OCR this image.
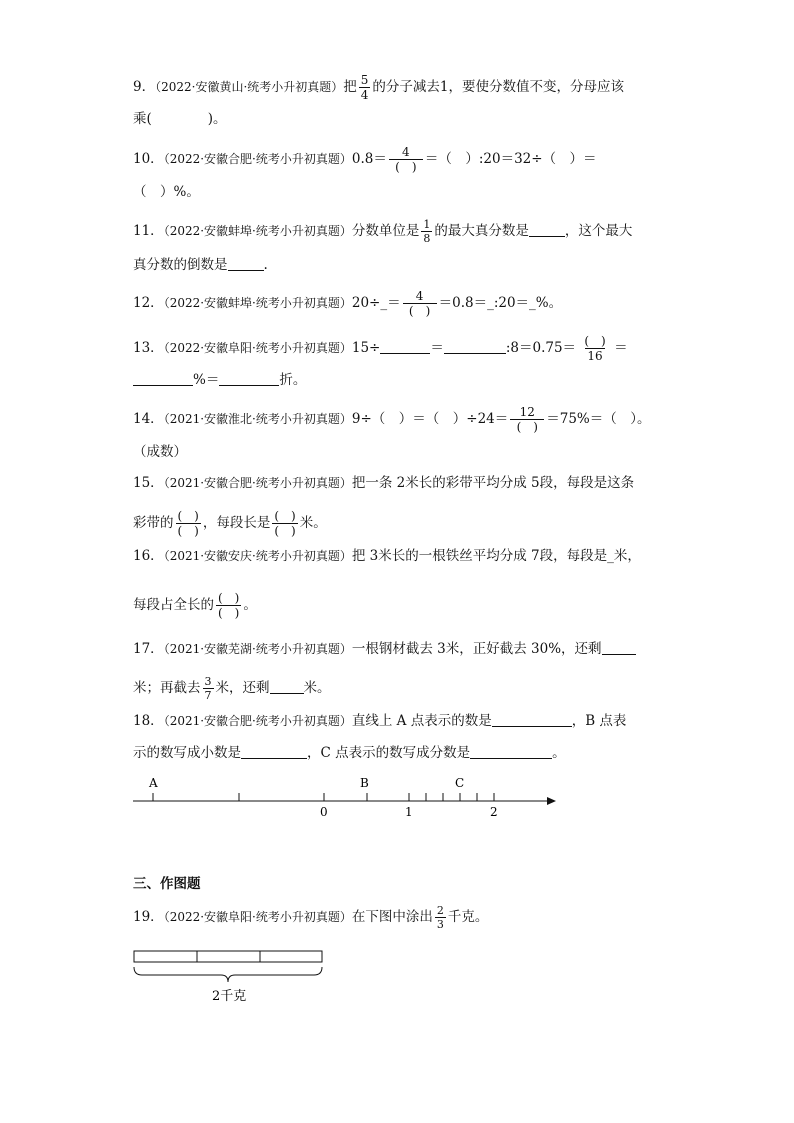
9．（2022·安徽黄山·统考小升初真题）把 $\frac{5}{4}$ 的分子减去1，要使分数值不变，分母应该
乘(	)。
10．（2022·安徽合肥·统考小升初真题）$0.8= \frac{4}{( )}$ ＝（　）:20＝32÷（　）＝
（　）%。
11．（2022·安徽蚌埠·统考小升初真题）分数单位是 $\frac{1}{8}$ 的最大真分数是	，这个最大
真分数的倒数是	.
12．（2022·安徽蚌埠·统考小升初真题）20÷_＝ $\frac{4}{( )}$ ＝0.8＝_:20＝_%。
13．（2022·安徽阜阳·统考小升初真题）15÷	＝	:8＝0.75＝ $\frac{( )}{16}$ ＝
%＝	折。
14．（2021·安徽淮北·统考小升初真题）9÷（　）＝（　）$\div 24= \frac{12}{( )} =75\%=$（　）。
（成数）
15．（2021·安徽合肥·统考小升初真题）把一条 2米长的彩带平均分成 5段，每段是这条
彩带的 $\frac{( )}{( )}$ ，每段长是 $\frac{( )}{( )}$ 米。
16．（2021·安徽安庆·统考小升初真题）把 3米长的一根铁丝平均分成 7段，每段是_米，
每段占全长的 $\frac{( )}{( )}$ 。
17．（2021·安徽芜湖·统考小升初真题）一根钢材截去 3米，正好截去 30%，还剩
米；再截去 $\frac{3}{7}$ 米，还剩	米。
18．（2021·安徽合肥·统考小升初真题）直线上 A 点表示的数是	，B 点表
示的数写成小数是	，C 点表示的数写成分数是	。
A	B	C
0	1	2
2千克
三、作图题
19．（2022·安徽阜阳·统考小升初真题）在下图中涂出 $\frac{2}{3}$ 千克。
